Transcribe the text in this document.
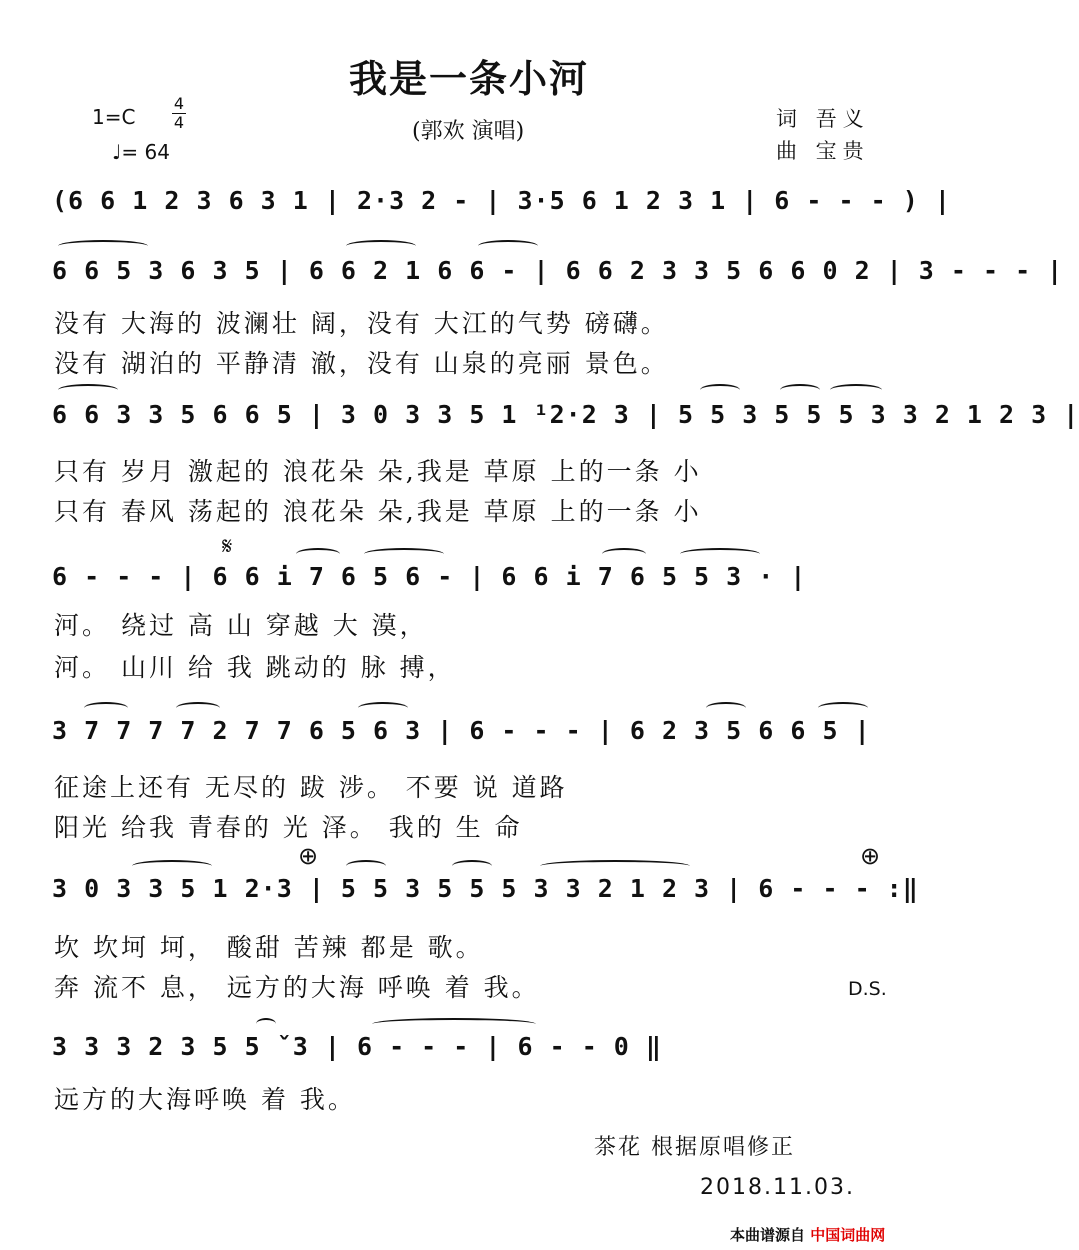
我是一条小河
1=C
4
4
♩= 64
(郭欢 演唱)	词 吾义
曲 宝贵
(6 6 1 2 3 6 3 1 | 2·3 2 - | 3·5 6 1 2 3 1 | 6 - - - ) |
6 6 5 3 6 3 5 | 6 6 2 1 6 6 - | 6 6 2 3 3 5 6 6 0 2 | 3 - - - |
没有 大海的 波澜壮 阔，没有 大江的气势 磅礴。
没有 湖泊的 平静清 澈，没有 山泉的亮丽 景色。
6 6 3 3 5 6 6 5 | 3 0 3 3 5 1 ¹2·2 3 | 5 5 3 5 5 5 3 3 2 1 2 3 |
只有 岁月 激起的 浪花朵 朵,我是 草原 上的一条 小
只有 春风 荡起的 浪花朵 朵,我是 草原 上的一条 小
𝄋
6 - - - | 6 6 i 7 6 5 6 - | 6 6 i 7 6 5 5 3 · |
河。 绕过 高 山 穿越 大 漠，
河。 山川 给 我 跳动的 脉 搏，
3 7 7 7 7 2 7 7 6 5 6 3 | 6 - - - | 6 2 3 5 6 6 5 |
征途上还有 无尽的 跋 涉。 不要 说 道路
阳光 给我 青春的 光 泽。 我的 生 命
⊕	⊕
3 0 3 3 5 1 2·3 | 5 5 3 5 5 5 3 3 2 1 2 3 | 6 - - - :‖
坎 坎坷 坷， 酸甜 苦辣 都是 歌。
奔 流不 息， 远方的大海 呼唤 着 我。	D.S.
3 3 3 2 3 5 5 ˇ3 | 6 - - - | 6 - - 0 ‖
远方的大海呼唤 着 我。
茶花 根据原唱修正
2018.11.03.
本曲谱源自 中国词曲网
